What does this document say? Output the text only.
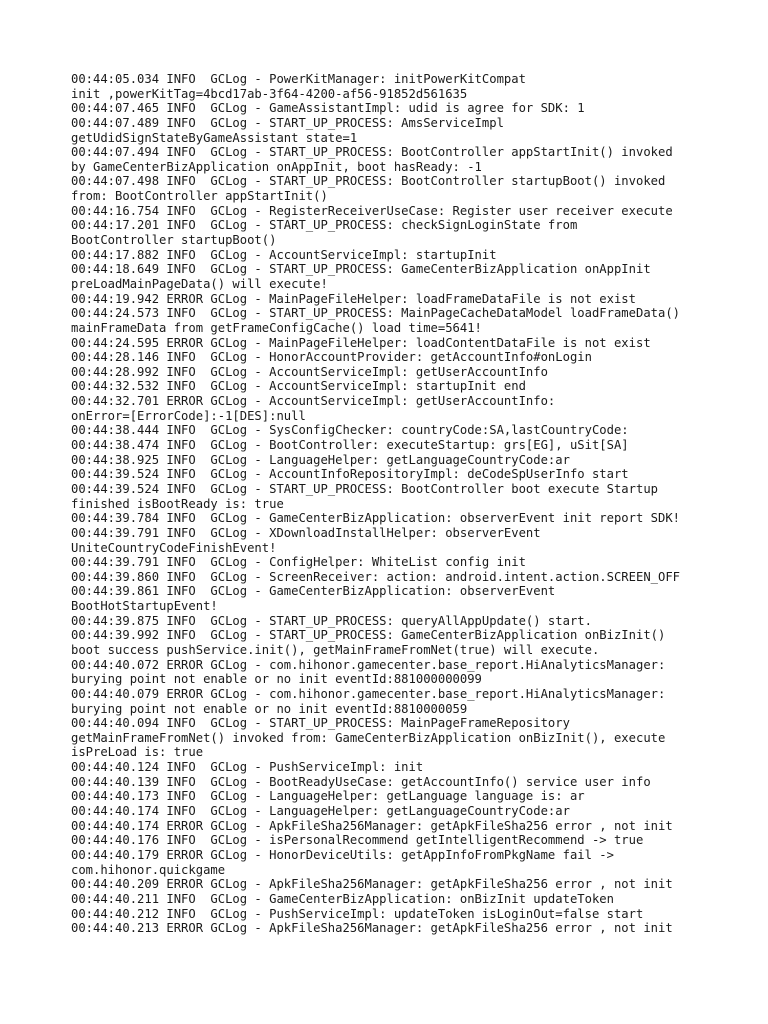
00:44:05.034 INFO  GCLog - PowerKitManager: initPowerKitCompat
init ,powerKitTag=4bcd17ab-3f64-4200-af56-91852d561635
00:44:07.465 INFO  GCLog - GameAssistantImpl: udid is agree for SDK: 1
00:44:07.489 INFO  GCLog - START_UP_PROCESS: AmsServiceImpl
getUdidSignStateByGameAssistant state=1
00:44:07.494 INFO  GCLog - START_UP_PROCESS: BootController appStartInit() invoked
by GameCenterBizApplication onAppInit, boot hasReady: -1
00:44:07.498 INFO  GCLog - START_UP_PROCESS: BootController startupBoot() invoked
from: BootController appStartInit()
00:44:16.754 INFO  GCLog - RegisterReceiverUseCase: Register user receiver execute
00:44:17.201 INFO  GCLog - START_UP_PROCESS: checkSignLoginState from
BootController startupBoot()
00:44:17.882 INFO  GCLog - AccountServiceImpl: startupInit
00:44:18.649 INFO  GCLog - START_UP_PROCESS: GameCenterBizApplication onAppInit
preLoadMainPageData() will execute!
00:44:19.942 ERROR GCLog - MainPageFileHelper: loadFrameDataFile is not exist
00:44:24.573 INFO  GCLog - START_UP_PROCESS: MainPageCacheDataModel loadFrameData()
mainFrameData from getFrameConfigCache() load time=5641!
00:44:24.595 ERROR GCLog - MainPageFileHelper: loadContentDataFile is not exist
00:44:28.146 INFO  GCLog - HonorAccountProvider: getAccountInfo#onLogin
00:44:28.992 INFO  GCLog - AccountServiceImpl: getUserAccountInfo
00:44:32.532 INFO  GCLog - AccountServiceImpl: startupInit end
00:44:32.701 ERROR GCLog - AccountServiceImpl: getUserAccountInfo:
onError=[ErrorCode]:-1[DES]:null
00:44:38.444 INFO  GCLog - SysConfigChecker: countryCode:SA,lastCountryCode:
00:44:38.474 INFO  GCLog - BootController: executeStartup: grs[EG], uSit[SA]
00:44:38.925 INFO  GCLog - LanguageHelper: getLanguageCountryCode:ar
00:44:39.524 INFO  GCLog - AccountInfoRepositoryImpl: deCodeSpUserInfo start
00:44:39.524 INFO  GCLog - START_UP_PROCESS: BootController boot execute Startup
finished isBootReady is: true
00:44:39.784 INFO  GCLog - GameCenterBizApplication: observerEvent init report SDK!
00:44:39.791 INFO  GCLog - XDownloadInstallHelper: observerEvent
UniteCountryCodeFinishEvent!
00:44:39.791 INFO  GCLog - ConfigHelper: WhiteList config init
00:44:39.860 INFO  GCLog - ScreenReceiver: action: android.intent.action.SCREEN_OFF
00:44:39.861 INFO  GCLog - GameCenterBizApplication: observerEvent
BootHotStartupEvent!
00:44:39.875 INFO  GCLog - START_UP_PROCESS: queryAllAppUpdate() start.
00:44:39.992 INFO  GCLog - START_UP_PROCESS: GameCenterBizApplication onBizInit()
boot success pushService.init(), getMainFrameFromNet(true) will execute.
00:44:40.072 ERROR GCLog - com.hihonor.gamecenter.base_report.HiAnalyticsManager:
burying point not enable or no init eventId:881000000099
00:44:40.079 ERROR GCLog - com.hihonor.gamecenter.base_report.HiAnalyticsManager:
burying point not enable or no init eventId:8810000059
00:44:40.094 INFO  GCLog - START_UP_PROCESS: MainPageFrameRepository
getMainFrameFromNet() invoked from: GameCenterBizApplication onBizInit(), execute
isPreLoad is: true
00:44:40.124 INFO  GCLog - PushServiceImpl: init
00:44:40.139 INFO  GCLog - BootReadyUseCase: getAccountInfo() service user info
00:44:40.173 INFO  GCLog - LanguageHelper: getLanguage language is: ar
00:44:40.174 INFO  GCLog - LanguageHelper: getLanguageCountryCode:ar
00:44:40.174 ERROR GCLog - ApkFileSha256Manager: getApkFileSha256 error , not init
00:44:40.176 INFO  GCLog - isPersonalRecommend getIntelligentRecommend -> true
00:44:40.179 ERROR GCLog - HonorDeviceUtils: getAppInfoFromPkgName fail ->
com.hihonor.quickgame
00:44:40.209 ERROR GCLog - ApkFileSha256Manager: getApkFileSha256 error , not init
00:44:40.211 INFO  GCLog - GameCenterBizApplication: onBizInit updateToken
00:44:40.212 INFO  GCLog - PushServiceImpl: updateToken isLoginOut=false start
00:44:40.213 ERROR GCLog - ApkFileSha256Manager: getApkFileSha256 error , not init
